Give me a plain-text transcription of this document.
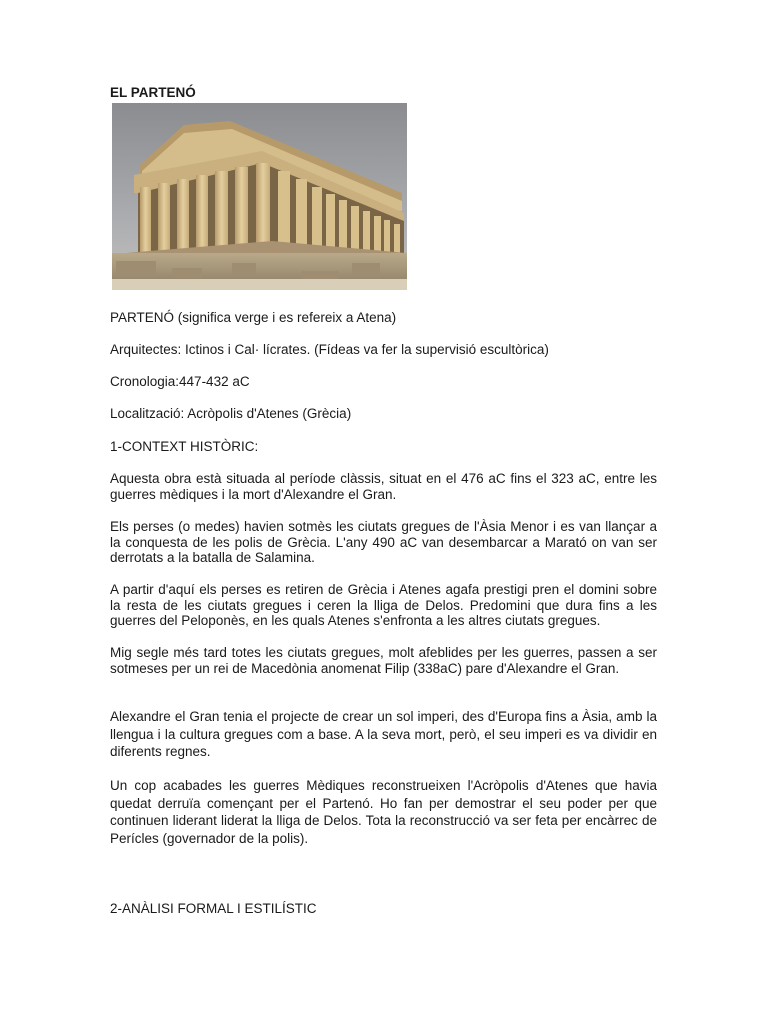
EL PARTENÓ

PARTENÓ (significa verge i es refereix a Atena)

Arquitectes: Ictinos i Cal· lícrates. (Fídeas va fer la supervisió escultòrica)

Cronologia:447-432 aC

Localització: Acròpolis d'Atenes (Grècia)

1-CONTEXT HISTÒRIC:

Aquesta obra està situada al període clàssis, situat en el 476 aC fins el 323 aC, entre les guerres mèdiques i la mort d'Alexandre el Gran.

Els perses (o medes) havien sotmès les ciutats gregues de l'Àsia Menor i es van llançar a la conquesta de les polis de Grècia. L'any 490 aC van desembarcar a Marató on van ser derrotats a la batalla de Salamina.

A partir d'aquí els perses es retiren de Grècia i Atenes agafa prestigi pren el domini sobre la resta de les ciutats gregues i ceren la lliga de Delos. Predomini que dura fins a les guerres del Peloponès, en les quals Atenes s'enfronta a les altres ciutats gregues.

Mig segle més tard totes les ciutats gregues, molt afeblides per les guerres, passen a ser sotmeses per un rei de Macedònia anomenat Filip (338aC) pare d'Alexandre el Gran.

Alexandre el Gran tenia el projecte de crear un sol imperi, des d'Europa fins a Àsia, amb la llengua i la cultura gregues com a base. A la seva mort, però, el seu imperi es va dividir en diferents regnes.

Un cop acabades les guerres Mèdiques reconstrueixen l'Acròpolis d'Atenes que havia quedat derruïa començant per el Partenó. Ho fan per demostrar el seu poder per que continuen liderant liderat la lliga de Delos. Tota la reconstrucció va ser feta per encàrrec de Perícles (governador de la polis).

2-ANÀLISI FORMAL I ESTILÍSTIC
